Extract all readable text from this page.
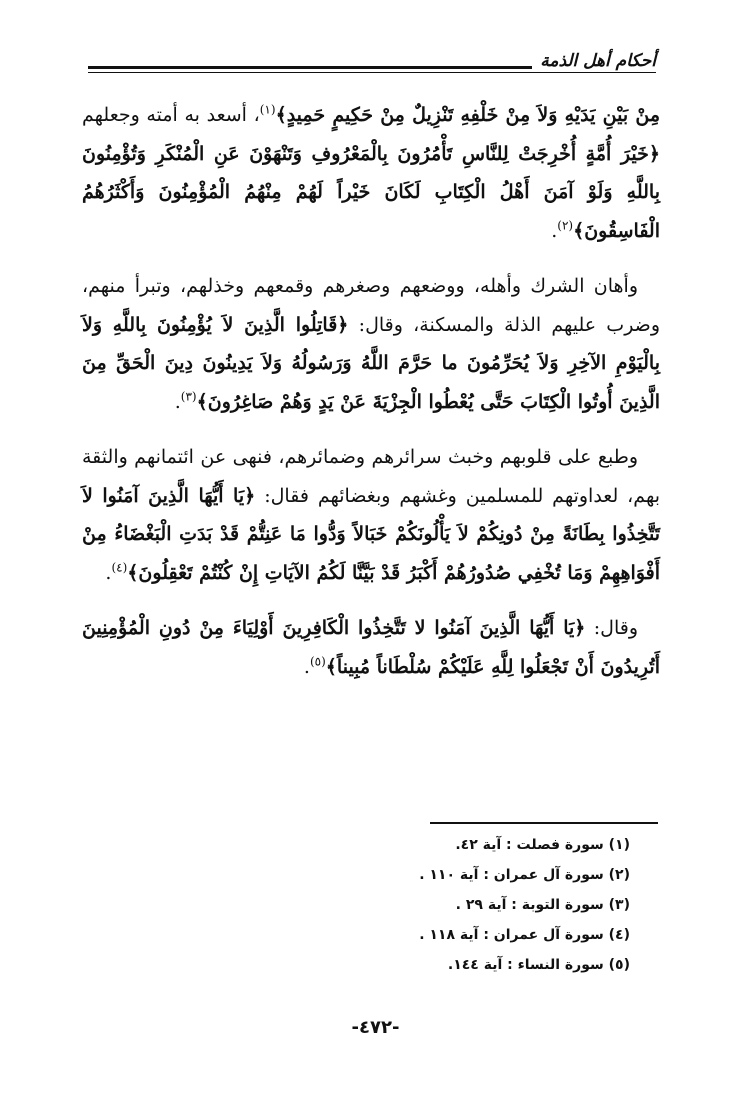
أحكام أهل الذمة

مِنْ بَيْنِ يَدَيْهِ وَلاَ مِنْ خَلْفِهِ تَنْزِيلٌ مِنْ حَكِيمٍ حَمِيدٍ﴾$^{(١)}$، أسعد به أمته وجعلهم ﴿خَيْرَ أُمَّةٍ أُخْرِجَتْ لِلنَّاسِ تَأْمُرُونَ بِالْمَعْرُوفِ وَتَنْهَوْنَ عَنِ الْمُنْكَرِ وَتُؤْمِنُونَ بِاللَّهِ وَلَوْ آمَنَ أَهْلُ الْكِتَابِ لَكَانَ خَيْراً لَهُمْ مِنْهُمُ الْمُؤْمِنُونَ وَأَكْثَرُهُمُ الْفَاسِقُونَ﴾$^{(٢)}$.

وأهان الشرك وأهله، ووضعهم وصغرهم وقمعهم وخذلهم، وتبرأ منهم، وضرب عليهم الذلة والمسكنة، وقال: ﴿قَاتِلُوا الَّذِينَ لاَ يُؤْمِنُونَ بِاللَّهِ وَلاَ بِالْيَوْمِ الآخِرِ وَلاَ يُحَرِّمُونَ ما حَرَّمَ اللَّهُ وَرَسُولُهُ وَلاَ يَدِينُونَ دِينَ الْحَقِّ مِنَ الَّذِينَ أُوتُوا الْكِتَابَ حَتَّى يُعْطُوا الْجِزْيَةَ عَنْ يَدٍ وَهُمْ صَاغِرُونَ﴾$^{(٣)}$.

وطبع على قلوبهم وخبث سرائرهم وضمائرهم، فنهى عن ائتمانهم والثقة بهم، لعداوتهم للمسلمين وغشهم وبغضائهم فقال: ﴿يَا أَيُّهَا الَّذِينَ آمَنُوا لاَ تَتَّخِذُوا بِطَانَةً مِنْ دُونِكُمْ لاَ يَأْلُونَكُمْ خَبَالاً وَدُّوا مَا عَنِتُّمْ قَدْ بَدَتِ الْبَغْضَاءُ مِنْ أَفْوَاهِهِمْ وَمَا تُخْفِي صُدُورُهُمْ أَكْبَرُ قَدْ بَيَّنَّا لَكُمُ الآيَاتِ إِنْ كُنْتُمْ تَعْقِلُونَ﴾$^{(٤)}$.

وقال: ﴿يَا أَيُّهَا الَّذِينَ آمَنُوا لا تَتَّخِذُوا الْكَافِرِينَ أَوْلِيَاءَ مِنْ دُونِ الْمُؤْمِنِينَ أَتُرِيدُونَ أَنْ تَجْعَلُوا لِلَّهِ عَلَيْكُمْ سُلْطَاناً مُبِيناً﴾$^{(٥)}$.

(١) سورة فصلت : آية ٤٢.
(٢) سورة آل عمران : آية ١١٠ .
(٣) سورة التوبة : آية ٢٩ .
(٤) سورة آل عمران : آية ١١٨ .
(٥) سورة النساء : آية ١٤٤.
-٤٧٢-
